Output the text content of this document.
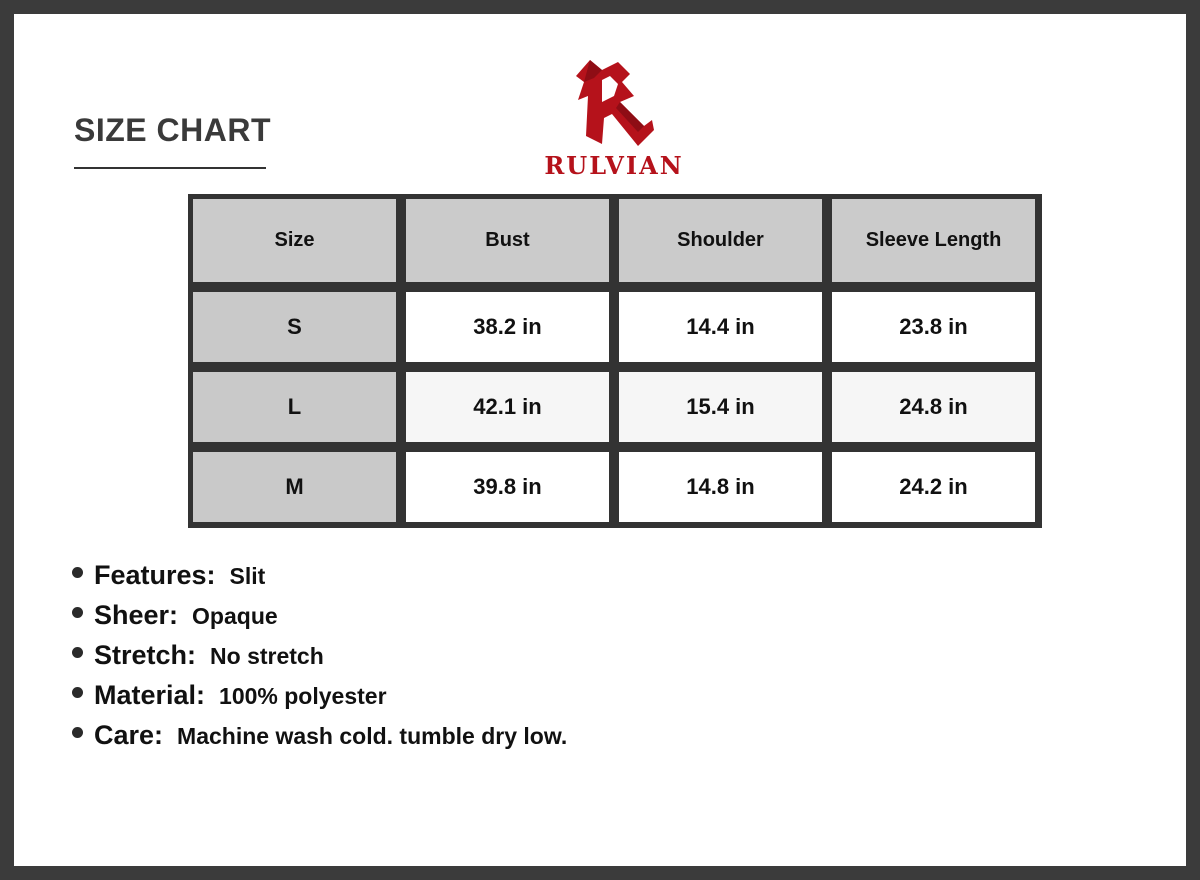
SIZE CHART
RULVIAN
Size	Bust	Shoulder	Sleeve Length
S	38.2 in	14.4 in	23.8 in
L	42.1 in	15.4 in	24.8 in
M	39.8 in	14.8 in	24.2 in
Features: Slit
Sheer: Opaque
Stretch: No stretch
Material: 100% polyester
Care: Machine wash cold. tumble dry low.
